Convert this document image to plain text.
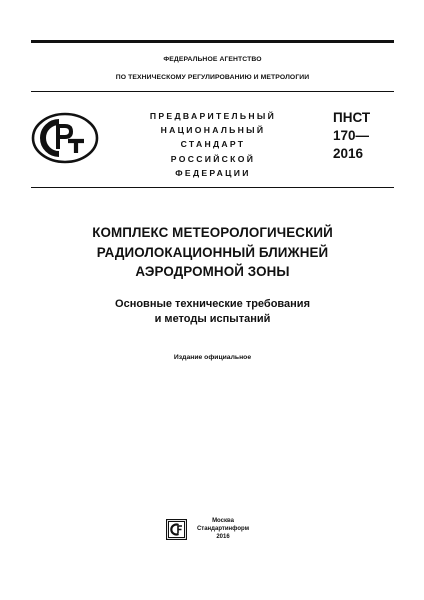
ФЕДЕРАЛЬНОЕ АГЕНТСТВО
ПО ТЕХНИЧЕСКОМУ РЕГУЛИРОВАНИЮ И МЕТРОЛОГИИ
ПРЕДВАРИТЕЛЬНЫЙ
НАЦИОНАЛЬНЫЙ
СТАНДАРТ
РОССИЙСКОЙ
ФЕДЕРАЦИИ
ПНСТ
170—
2016
КОМПЛЕКС МЕТЕОРОЛОГИЧЕСКИЙ
РАДИОЛОКАЦИОННЫЙ БЛИЖНЕЙ
АЭРОДРОМНОЙ ЗОНЫ
Основные технические требования
и методы испытаний
Издание официальное
Москва
Стандартинформ
2016
